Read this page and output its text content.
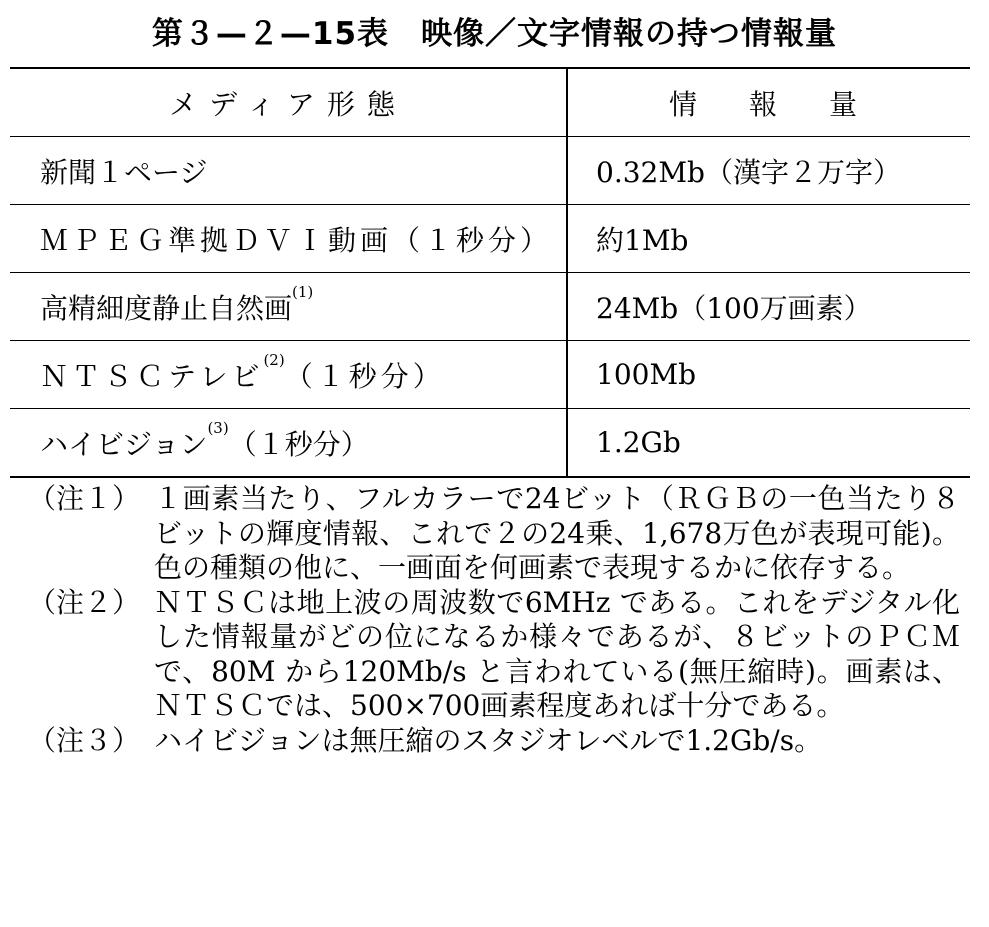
第３—２—15表　映像／文字情報の持つ情報量
メディア形態	情　報　量
新聞１ページ	0.32Mb（漢字２万字）
ＭＰＥＧ準拠ＤＶＩ動画（１秒分）	約1Mb
高精細度静止自然画$^{(1)}$	24Mb（100万画素）
ＮＴＳＣテレビ$^{(2)}$（１秒分）	100Mb
ハイビジョン$^{(3)}$（１秒分）	1.2Gb
（注１） １画素当たり、フルカラーで24ビット（ＲＧＢの一色当たり８ビットの輝度情報、これで２の24乗、1,678万色が表現可能)。色の種類の他に、一画面を何画素で表現するかに依存する。
（注２） ＮＴＳＣは地上波の周波数で6MHz である。これをデジタル化した情報量がどの位になるか様々であるが、８ビットのＰＣＭで、80M から120Mb/s と言われている(無圧縮時)。画素は、ＮＴＳＣでは、500×700画素程度あれば十分である。
（注３） ハイビジョンは無圧縮のスタジオレベルで1.2Gb/s。
